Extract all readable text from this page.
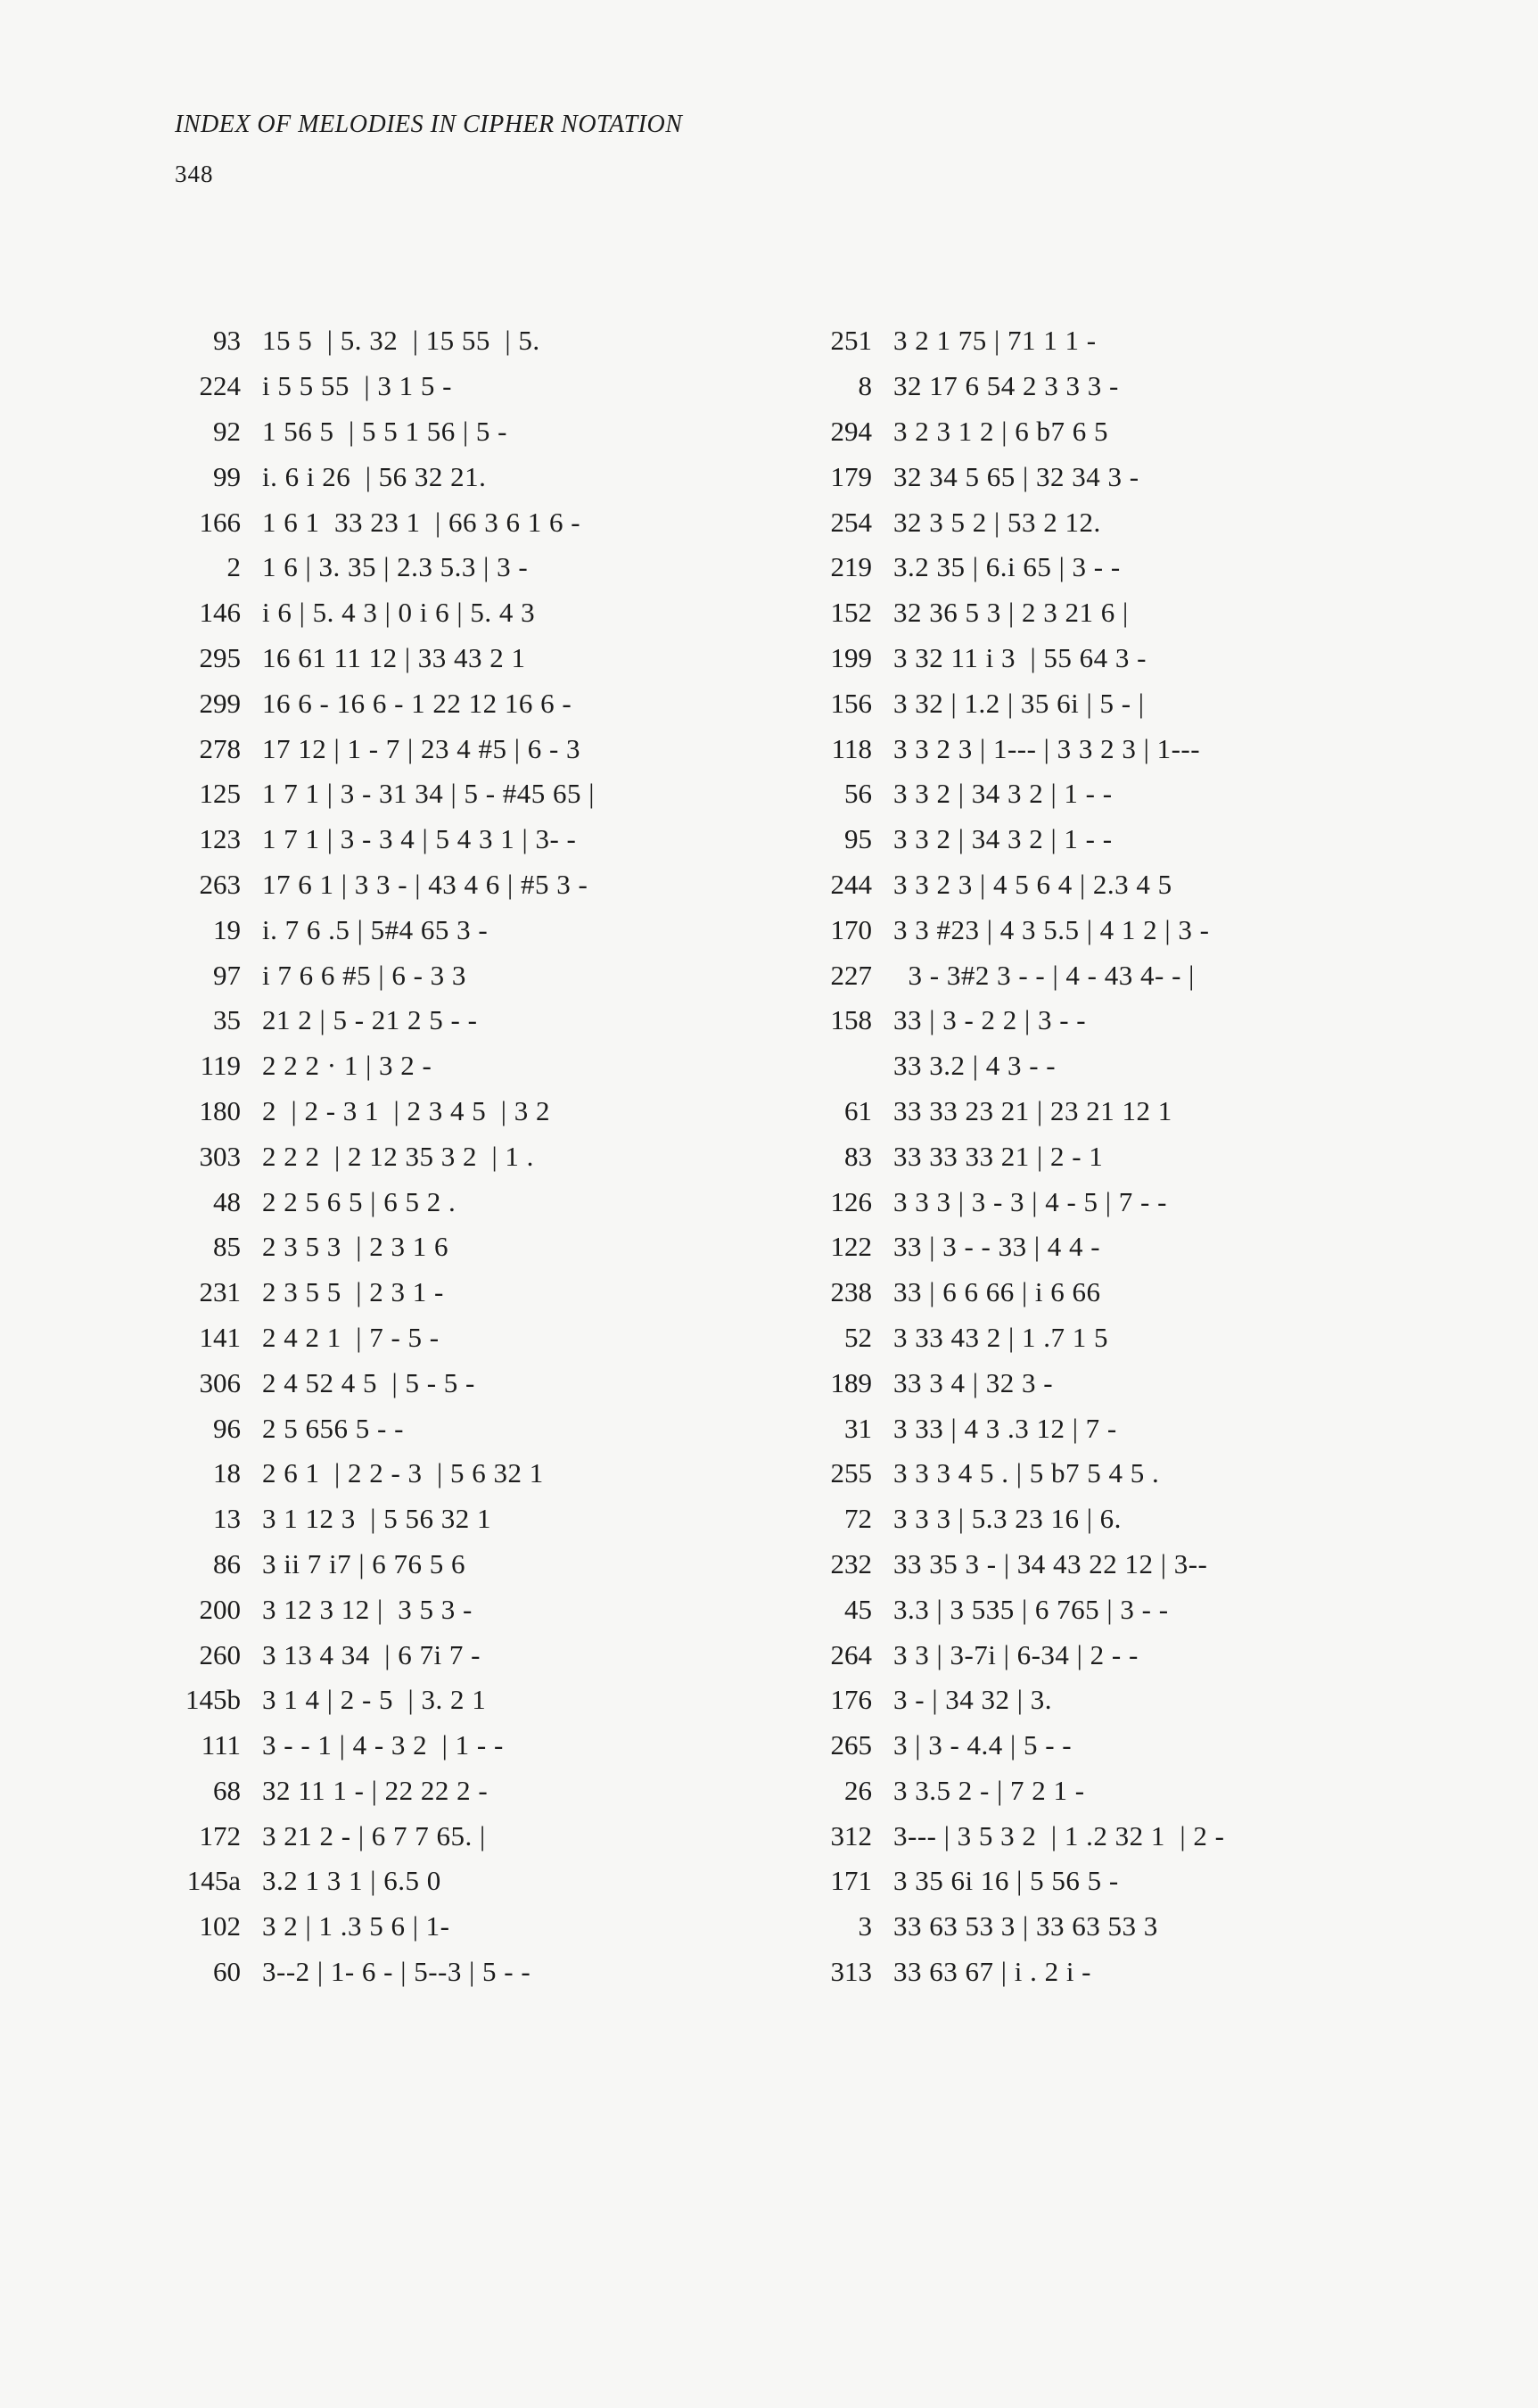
INDEX OF MELODIES IN CIPHER NOTATION
348
93 15 5  | 5. 32  | 15 55  | 5.
224 i 5 5 55  | 3 1 5 -
92 1 56 5  | 5 5 1 56 | 5 -
99 i. 6 i 26  | 56 32 21.
166 1 6 1  33 23 1  | 66 3 6 1 6 -
2 1 6 | 3. 35 | 2.3 5.3 | 3 -
146 i 6 | 5. 4 3 | 0 i 6 | 5. 4 3
295 16 61 11 12 | 33 43 2 1
299 16 6 - 16 6 - 1 22 12 16 6 -
278 17 12 | 1 - 7 | 23 4 #5 | 6 - 3
125 1 7 1 | 3 - 31 34 | 5 - #45 65 |
123 1 7 1 | 3 - 3 4 | 5 4 3 1 | 3- -
263 17 6 1 | 3 3 - | 43 4 6 | #5 3 -
19 i. 7 6 .5 | 5#4 65 3 -
97 i 7 6 6 #5 | 6 - 3 3
35 21 2 | 5 - 21 2 5 - -
119 2 2 2 · 1 | 3 2 -
180 2  | 2 - 3 1  | 2 3 4 5  | 3 2
303 2 2 2  | 2 12 35 3 2  | 1 .
48 2 2 5 6 5 | 6 5 2 .
85 2 3 5 3  | 2 3 1 6
231 2 3 5 5  | 2 3 1 -
141 2 4 2 1  | 7 - 5 -
306 2 4 52 4 5  | 5 - 5 -
96 2 5 656 5 - -
18 2 6 1  | 2 2 - 3  | 5 6 32 1
13 3 1 12 3  | 5 56 32 1
86 3 ii 7 i7 | 6 76 5 6
200 3 12 3 12 |  3 5 3 -
260 3 13 4 34  | 6 7i 7 -
145b 3 1 4 | 2 - 5  | 3. 2 1
111 3 - - 1 | 4 - 3 2  | 1 - -
68 32 11 1 - | 22 22 2 -
172 3 21 2 - | 6 7 7 65. |
145a 3.2 1 3 1 | 6.5 0
102 3 2 | 1 .3 5 6 | 1-
60 3--2 | 1- 6 - | 5--3 | 5 - -
251 3 2 1 75 | 71 1 1 -
8 32 17 6 54 2 3 3 3 -
294 3 2 3 1 2 | 6 b7 6 5
179 32 34 5 65 | 32 34 3 -
254 32 3 5 2 | 53 2 12.
219 3.2 35 | 6.i 65 | 3 - -
152 32 36 5 3 | 2 3 21 6 |
199 3 32 11 i 3  | 55 64 3 -
156 3 32 | 1.2 | 35 6i | 5 - |
118 3 3 2 3 | 1--- | 3 3 2 3 | 1---
56 3 3 2 | 34 3 2 | 1 - -
95 3 3 2 | 34 3 2 | 1 - -
244 3 3 2 3 | 4 5 6 4 | 2.3 4 5
170 3 3 #23 | 4 3 5.5 | 4 1 2 | 3 -
227 3 - 3#2 3 - - | 4 - 43 4- - |
158 33 | 3 - 2 2 | 3 - -
33 3.2 | 4 3 - -
61 33 33 23 21 | 23 21 12 1
83 33 33 33 21 | 2 - 1
126 3 3 3 | 3 - 3 | 4 - 5 | 7 - -
122 33 | 3 - - 33 | 4 4 -
238 33 | 6 6 66 | i 6 66
52 3 33 43 2 | 1 .7 1 5
189 33 3 4 | 32 3 -
31 3 33 | 4 3 .3 12 | 7 -
255 3 3 3 4 5 . | 5 b7 5 4 5 .
72 3 3 3 | 5.3 23 16 | 6.
232 33 35 3 - | 34 43 22 12 | 3--
45 3.3 | 3 535 | 6 765 | 3 - -
264 3 3 | 3-7i | 6-34 | 2 - -
176 3 - | 34 32 | 3.
265 3 | 3 - 4.4 | 5 - -
26 3 3.5 2 - | 7 2 1 -
312 3--- | 3 5 3 2  | 1 .2 32 1  | 2 -
171 3 35 6i 16 | 5 56 5 -
3 33 63 53 3 | 33 63 53 3
313 33 63 67 | i . 2 i -
